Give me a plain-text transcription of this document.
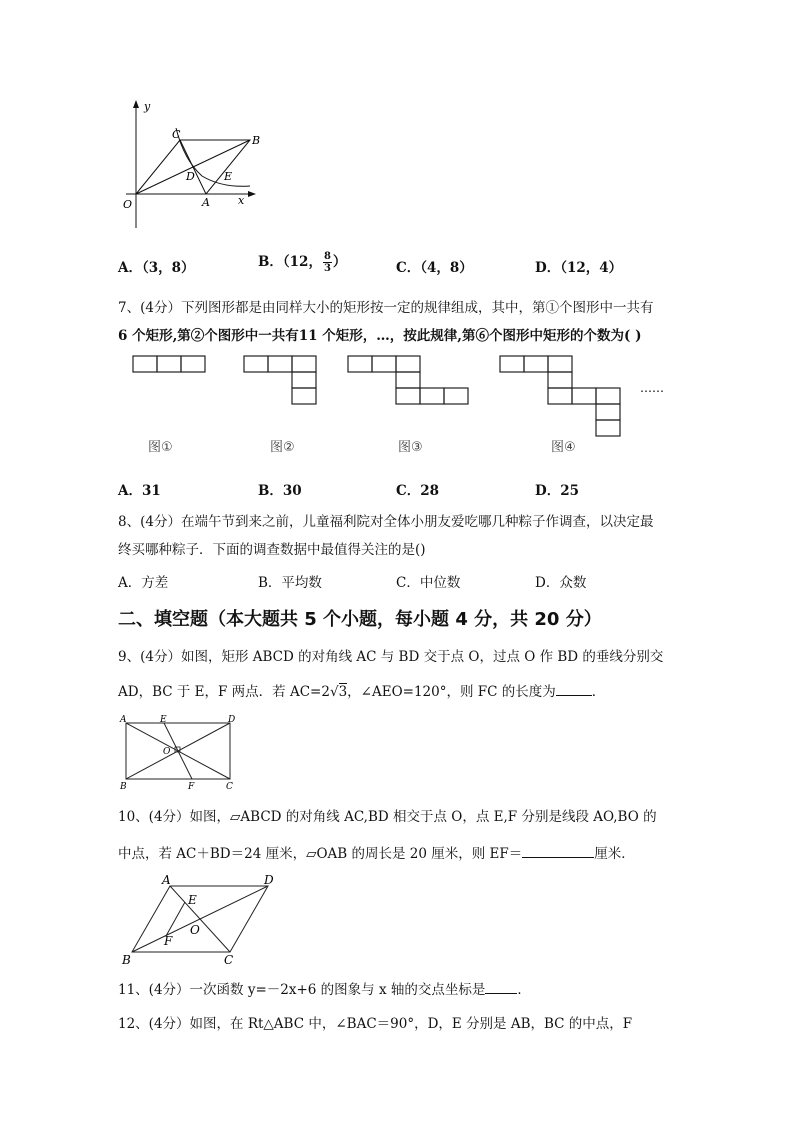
y
x
O
C	B
D	E
A
A．（3，8）	B．（12， $\frac{8}{3}$ ）	C．（4，8）	D．（12，4）
7、(4分）下列图形都是由同样大小的矩形按一定的规律组成，其中，第①个图形中一共有
6 个矩形,第②个图形中一共有11 个矩形，…，按此规律,第⑥个图形中矩形的个数为( )
……
图①	图②	图③	图④
A．31	B．30	C．28	D．25
8、(4分）在端午节到来之前，儿童福利院对全体小朋友爱吃哪几种粽子作调查，以决定最
终买哪种粽子．下面的调查数据中最值得关注的是()
A．方差	B．平均数	C．中位数	D．众数
二、填空题（本大题共 5 个小题，每小题 4 分，共 20 分）
9、(4分）如图，矩形 ABCD 的对角线 AC 与 BD 交于点 O，过点 O 作 BD 的垂线分别交
AD，BC 于 E，F 两点．若 AC=2√3，∠AEO=120°，则 FC 的长度为	．
A	E	D
O
B	F	C
10、(4分）如图，▱ABCD 的对角线 AC,BD 相交于点 O，点 E,F 分别是线段 AO,BO 的
中点，若 AC＋BD＝24 厘米，▱OAB 的周长是 20 厘米，则 EF＝	厘米．
A	D
E
O
F
B	C
11、(4分）一次函数 y=－2x+6 的图象与 x 轴的交点坐标是 ．
12、(4分）如图，在 Rt△ABC 中，∠BAC＝90°，D，E 分别是 AB，BC 的中点，F
